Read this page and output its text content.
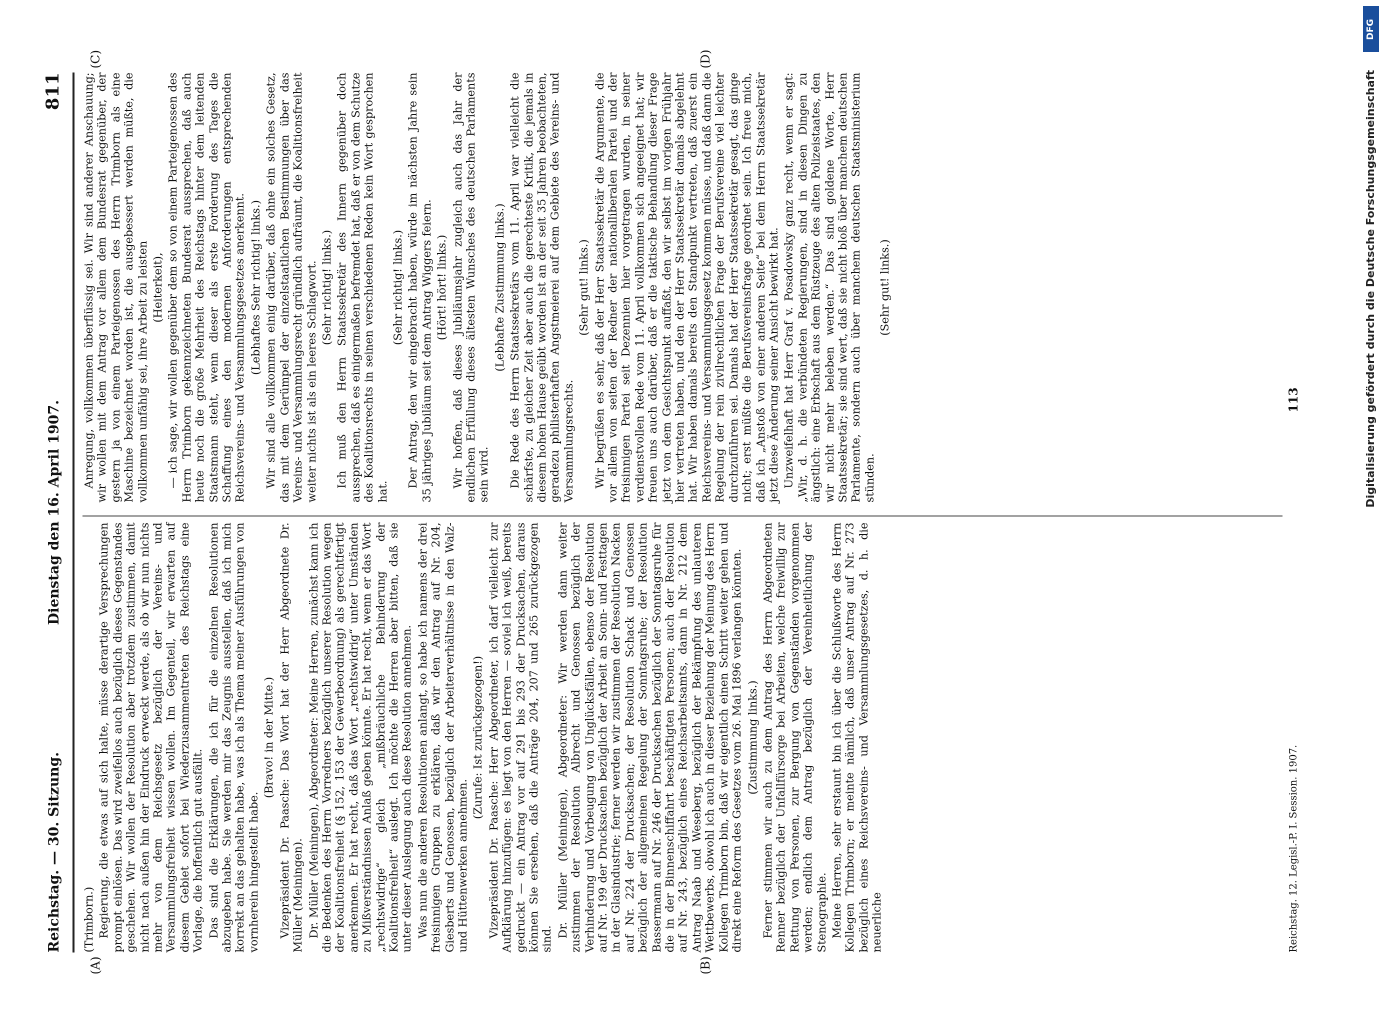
Reichstag. — 30. Sitzung.
Dienstag den 16. April 1907.
811
(A)	(B)
(C)	(D)

(Trimborn.) Regierung, die etwas auf sich halte, müsse derartige Versprechungen prompt einlösen. Das wird zweifellos auch bezüglich dieses Gegenstandes geschehen. Wir wollen der Resolution aber trotzdem zustimmen, damit nicht nach außen hin der Eindruck erweckt werde, als ob wir nun nichts mehr von dem Reichsgesetz bezüglich der Vereins- und Versammlungsfreiheit wissen wollen. Im Gegenteil, wir erwarten auf diesem Gebiet sofort bei Wiederzusammentreten des Reichstags eine Vorlage, die hoffentlich gut ausfällt. Das sind die Erklärungen, die ich für die einzelnen Resolutionen abzugeben habe. Sie werden mir das Zeugnis ausstellen, daß ich mich korrekt an das gehalten habe, was ich als Thema meiner Ausführungen von vornherein hingestellt habe.

(Bravo! in der Mitte.) Vizepräsident Dr. Paasche: Das Wort hat der Herr Abgeordnete Dr. Müller (Meiningen). Dr. Müller (Meiningen), Abgeordneter: Meine Herren, zunächst kann ich die Bedenken des Herrn Vorredners bezüglich unserer Resolution wegen der Koalitionsfreiheit (§ 152, 153 der Gewerbeordnung) als gerechtfertigt anerkennen. Er hat recht, daß das Wort „rechtswidrig“ unter Umständen zu Mißverständnissen Anlaß geben könnte. Er hat recht, wenn er das Wort „rechtswidrige“ gleich „mißbräuchliche Behinderung der Koalitionsfreiheit“ auslegt. Ich möchte die Herren aber bitten, daß sie unter dieser Auslegung auch diese Resolution annehmen. Was nun die anderen Resolutionen anlangt, so habe ich namens der drei freisinnigen Gruppen zu erklären, daß wir den Antrag auf Nr. 204, Giesberts und Genossen, bezüglich der Arbeiterverhältnisse in den Walz- und Hüttenwerken annehmen.

(Zurufe: Ist zurückgezogen!) Vizepräsident Dr. Paasche: Herr Abgeordneter, ich darf vielleicht zur Aufklärung hinzufügen: es liegt von den Herren — soviel ich weiß, bereits gedruckt — ein Antrag vor auf 291 bis 293 der Drucksachen, daraus können Sie ersehen, daß die Anträge 204, 207 und 265 zurückgezogen sind.

Dr. Müller (Meiningen), Abgeordneter: Wir werden dann weiter zustimmen der Resolution Albrecht und Genossen bezüglich der Verhinderung und Vorbeugung von Unglücksfällen, ebenso der Resolution auf Nr. 199 der Drucksachen bezüglich der Arbeit an Sonn- und Festtagen in der Glasindustrie; ferner werden wir zustimmen der Resolution Nacken auf Nr. 224 der Drucksachen; der Resolution Schack und Genossen bezüglich der allgemeinen Regelung der Sonntagsruhe; der Resolution Bassermann auf Nr. 246 der Drucksachen bezüglich der Sonntagsruhe für die in der Binnenschiffahrt beschäftigten Personen; auch der Resolution auf Nr. 243, bezüglich eines Reichsarbeitsamts, dann in Nr. 212 dem Antrag Naab und Weseberg, bezüglich der Bekämpfung des unlauteren Wettbewerbs, obwohl ich auch in dieser Beziehung der Meinung des Herrn Kollegen Trimborn bin, daß wir eigentlich einen Schritt weiter gehen und direkt eine Reform des Gesetzes vom 26. Mai 1896 verlangen könnten. (Zustimmung links.) Ferner stimmen wir auch zu dem Antrag des Herrn Abgeordneten Renner bezüglich der Unfallfürsorge bei Arbeiten, welche freiwillig zur Rettung von Personen, zur Bergung von Gegenständen vorgenommen werden; endlich dem Antrag bezüglich der Vereinheitlichung der Stenographie. Meine Herren, sehr erstaunt bin ich über die Schlußworte des Herrn Kollegen Trimborn; er meinte nämlich, daß unser Antrag auf Nr. 273 bezüglich eines Reichsvereins- und Versammlungsgesetzes, d. h. die neuerliche

Anregung, vollkommen überflüssig sei. Wir sind anderer Anschauung; wir wollen mit dem Antrag vor allem dem Bundesrat gegenüber, der gestern ja von einem Parteigenossen des Herrn Trimborn als eine Maschine bezeichnet worden ist, die ausgebessert werden müßte, die vollkommen unfähig sei, ihre Arbeit zu leisten (Heiterkeit), — ich sage, wir wollen gegenüber dem so von einem Parteigenossen des Herrn Trimborn gekennzeichneten Bundesrat aussprechen, daß auch heute noch die große Mehrheit des Reichstags hinter dem leitenden Staatsmann steht, wenn dieser als erste Forderung des Tages die Schaffung eines den modernen Anforderungen entsprechenden Reichsvereins- und Versammlungsgesetzes anerkennt. (Lebhaftes Sehr richtig! links.) Wir sind alle vollkommen einig darüber, daß ohne ein solches Gesetz, das mit dem Gerümpel der einzelstaatlichen Bestimmungen über das Vereins- und Versammlungsrecht gründlich aufräumt, die Koalitionsfreiheit weiter nichts ist als ein leeres Schlagwort. (Sehr richtig! links.) Ich muß den Herrn Staatssekretär des Innern gegenüber doch aussprechen, daß es einigermaßen befremdet hat, daß er von dem Schutze des Koalitionsrechts in seinen verschiedenen Reden kein Wort gesprochen hat.

(Sehr richtig! links.) Der Antrag, den wir eingebracht haben, würde im nächsten Jahre sein 35 jähriges Jubiläum seit dem Antrag Wiggers feiern. (Hört! hört! links.) Wir hoffen, daß dieses Jubiläumsjahr zugleich auch das Jahr der endlichen Erfüllung dieses ältesten Wunsches des deutschen Parlaments sein wird.

(Lebhafte Zustimmung links.) Die Rede des Herrn Staatssekretärs vom 11. April war vielleicht die schärfste, zu gleicher Zeit aber auch die gerechteste Kritik, die jemals in diesem hohen Hause geübt worden ist an der seit 35 Jahren beobachteten, geradezu philisterhaften Angstmeierei auf dem Gebiete des Vereins- und Versammlungsrechts.

(Sehr gut! links.) Wir begrüßen es sehr, daß der Herr Staatssekretär die Argumente, die vor allem von seiten der Redner der nationalliberalen Partei und der freisinnigen Partei seit Dezennien hier vorgetragen wurden, in seiner verdienstvollen Rede vom 11. April vollkommen sich angeeignet hat; wir freuen uns auch darüber, daß er die taktische Behandlung dieser Frage jetzt von dem Gesichtspunkt auffaßt, den wir selbst im vorigen Frühjahr hier vertreten haben, und den der Herr Staatssekretär damals abgelehnt hat. Wir haben damals bereits den Standpunkt vertreten, daß zuerst ein Reichsvereins- und Versammlungsgesetz kommen müsse, und daß dann die Regelung der rein zivilrechtlichen Frage der Berufsvereine viel leichter durchzuführen sei. Damals hat der Herr Staatssekretär gesagt, das ginge nicht; erst müßte die Berufsvereinsfrage geordnet sein. Ich freue mich, daß ich „Anstoß von einer anderen Seite“ bei dem Herrn Staatssekretär jetzt diese Änderung seiner Ansicht bewirkt hat. Unzweifelhaft hat Herr Graf v. Posadowsky ganz recht, wenn er sagt: „Wir, d. h. die verbündeten Regierungen, sind in diesen Dingen zu ängstlich: eine Erbschaft aus dem Rüstzeuge des alten Polizeistaates, den wir nicht mehr beleben werden.“ Das sind goldene Worte, Herr Staatssekretär; sie sind wert, daß sie nicht bloß über manchem deutschen Parlamente, sondern auch über manchem deutschen Staatsministerium stünden.

(Sehr gut! links.)

Reichstag. 12. Legisl.-P. I. Session. 1907.
113
DFG
Digitalisierung gefördert durch die Deutsche Forschungsgemeinschaft
